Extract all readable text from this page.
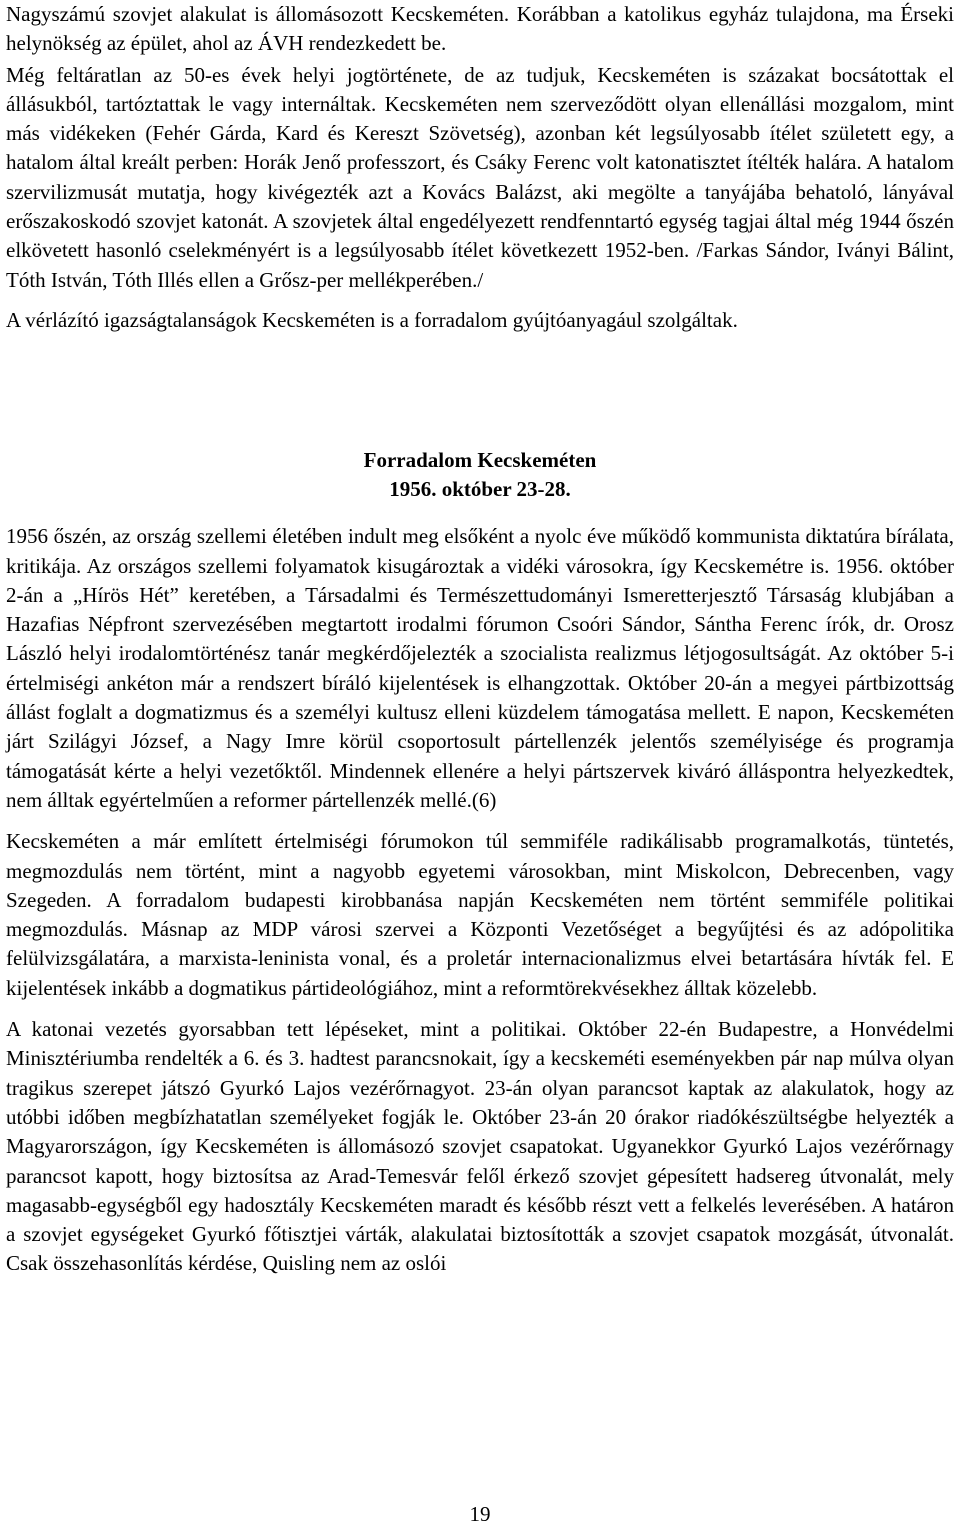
Nagyszámú szovjet alakulat is állomásozott Kecskeméten. Korábban a katolikus egyház tulajdona, ma Érseki helynökség az épület, ahol az ÁVH rendezkedett be.

Még feltáratlan az 50-es évek helyi jogtörténete, de az tudjuk, Kecskeméten is százakat bocsátottak el állásukból, tartóztattak le vagy internáltak. Kecskeméten nem szerveződött olyan ellenállási mozgalom, mint más vidékeken (Fehér Gárda, Kard és Kereszt Szövetség), azonban két legsúlyosabb ítélet született egy, a hatalom által kreált perben: Horák Jenő professzort, és Csáky Ferenc volt katonatisztet ítélték halára. A hatalom szervilizmusát mutatja, hogy kivégezték azt a Kovács Balázst, aki megölte a tanyájába behatoló, lányával erőszakoskodó szovjet katonát. A szovjetek által engedélyezett rendfenntartó egység tagjai által még 1944 őszén elkövetett hasonló cselekményért is a legsúlyosabb ítélet következett 1952-ben. /Farkas Sándor, Iványi Bálint, Tóth István, Tóth Illés ellen a Grősz-per mellékperében./

A vérlázító igazságtalanságok Kecskeméten is a forradalom gyújtóanyagául szolgáltak.

Forradalom Kecskeméten

1956. október 23-28.

1956 őszén, az ország szellemi életében indult meg elsőként a nyolc éve működő kommunista diktatúra bírálata, kritikája. Az országos szellemi folyamatok kisugároztak a vidéki városokra, így Kecskemétre is. 1956. október 2-án a „Hírös Hét” keretében, a Társadalmi és Természettudományi Ismeretterjesztő Társaság klubjában a Hazafias Népfront szervezésében megtartott irodalmi fórumon Csoóri Sándor, Sántha Ferenc írók, dr. Orosz László helyi irodalomtörténész tanár megkérdőjelezték a szocialista realizmus létjogosultságát. Az október 5-i értelmiségi ankéton már a rendszert bíráló kijelentések is elhangzottak. Október 20-án a megyei pártbizottság állást foglalt a dogmatizmus és a személyi kultusz elleni küzdelem támogatása mellett. E napon, Kecskeméten járt Szilágyi József, a Nagy Imre körül csoportosult pártellenzék jelentős személyisége és programja támogatását kérte a helyi vezetőktől. Mindennek ellenére a helyi pártszervek kiváró álláspontra helyezkedtek, nem álltak egyértelműen a reformer pártellenzék mellé.(6)

Kecskeméten a már említett értelmiségi fórumokon túl semmiféle radikálisabb programalkotás, tüntetés, megmozdulás nem történt, mint a nagyobb egyetemi városokban, mint Miskolcon, Debrecenben, vagy Szegeden. A forradalom budapesti kirobbanása napján Kecskeméten nem történt semmiféle politikai megmozdulás. Másnap az MDP városi szervei a Központi Vezetőséget a begyűjtési és az adópolitika felülvizsgálatára, a marxista-leninista vonal, és a proletár internacionalizmus elvei betartására hívták fel. E kijelentések inkább a dogmatikus pártideológiához, mint a reformtörekvésekhez álltak közelebb.

A katonai vezetés gyorsabban tett lépéseket, mint a politikai. Október 22-én Budapestre, a Honvédelmi Minisztériumba rendelték a 6. és 3. hadtest parancsnokait, így a kecskeméti eseményekben pár nap múlva olyan tragikus szerepet játszó Gyurkó Lajos vezérőrnagyot. 23-án olyan parancsot kaptak az alakulatok, hogy az utóbbi időben megbízhatatlan személyeket fogják le. Október 23-án 20 órakor riadókészültségbe helyezték a Magyarországon, így Kecskeméten is állomásozó szovjet csapatokat. Ugyanekkor Gyurkó Lajos vezérőrnagy parancsot kapott, hogy biztosítsa az Arad-Temesvár felől érkező szovjet gépesített hadsereg útvonalát, mely magasabb-egységből egy hadosztály Kecskeméten maradt és később részt vett a felkelés leverésében. A határon a szovjet egységeket Gyurkó főtisztjei várták, alakulatai biztosították a szovjet csapatok mozgását, útvonalát. Csak összehasonlítás kérdése, Quisling nem az oslói

19
